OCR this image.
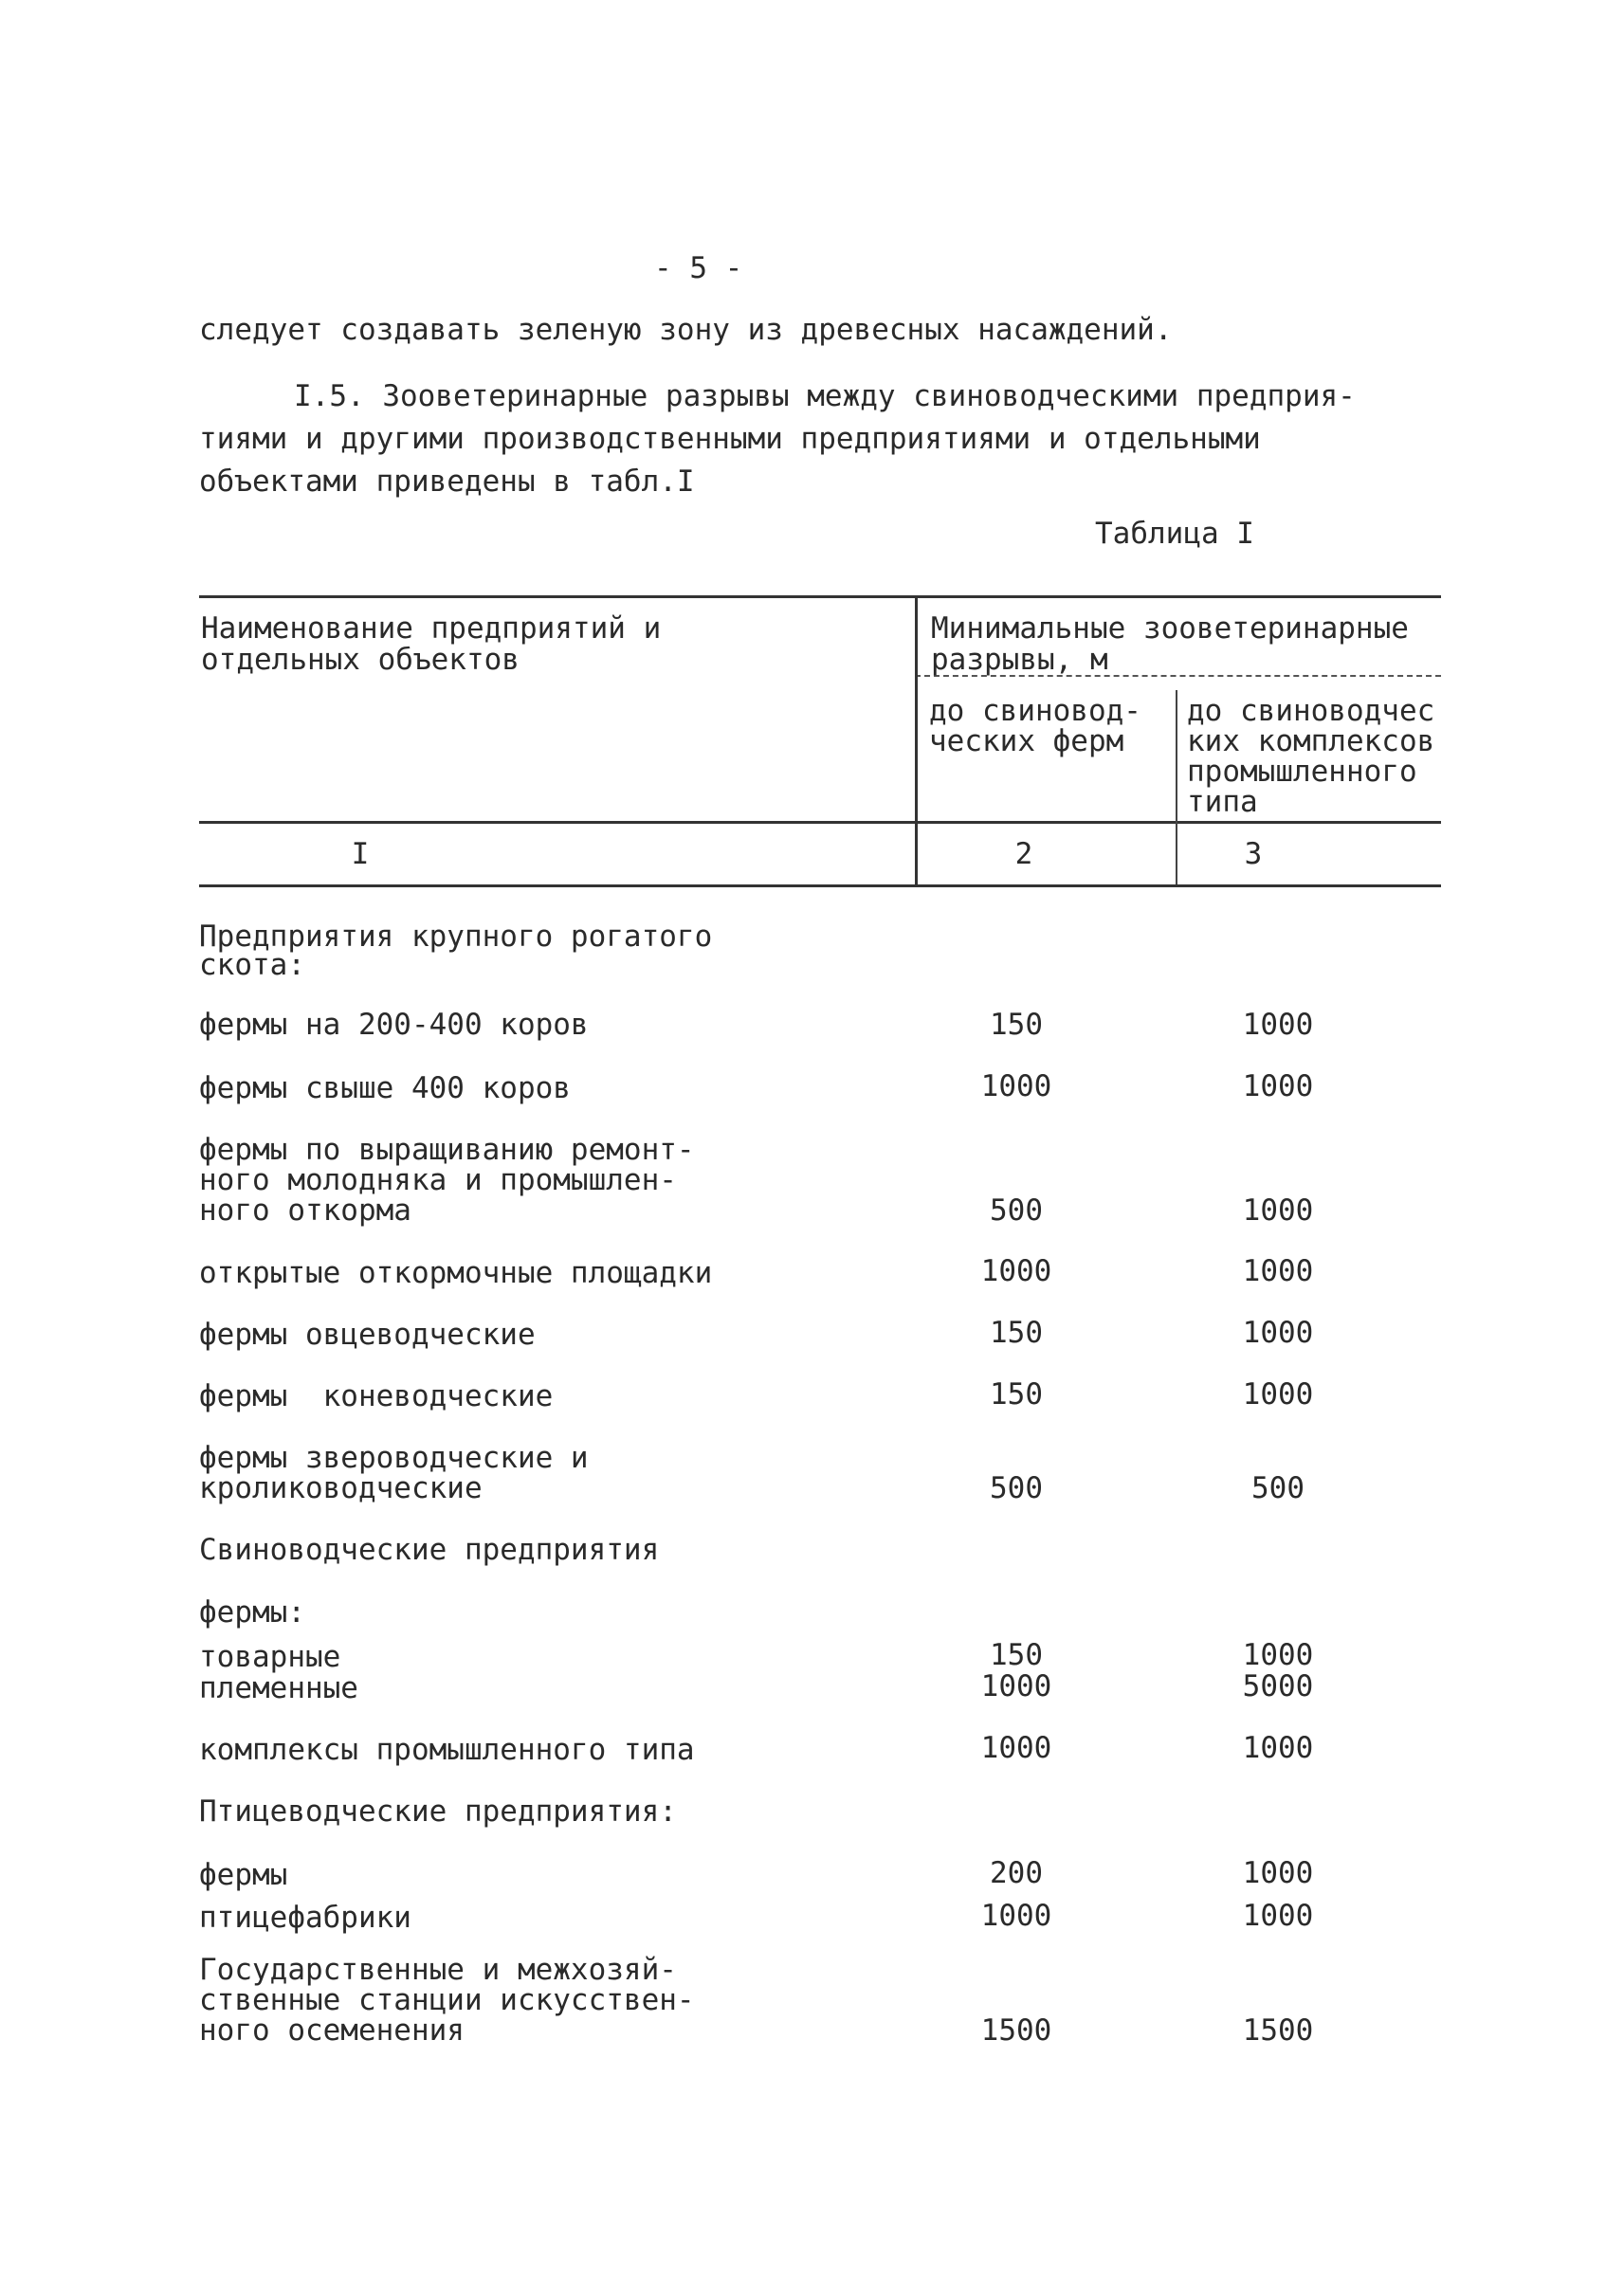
- 5 -
следует создавать зеленую зону из древесных насаждений.
I.5. Зооветеринарные разрывы между свиноводческими предприя-
тиями и другими производственными предприятиями и отдельными
объектами приведены в табл.I
Таблица I
Наименование предприятий и
отдельных объектов
Минимальные зооветеринарные
разрывы, м
до свиновод-
ческих ферм
до свиноводчес
ких комплексов
промышленного
типа
I	2	3
Предприятия крупного рогатого
скота:
фермы на 200-400 коров	150	1000
фермы свыше 400 коров	1000	1000
фермы по выращиванию ремонт-
ного молодняка и промышлен-
ного откорма	500	1000
открытые откормочные площадки	1000	1000
фермы овцеводческие	150	1000
фермы  коневодческие	150	1000
фермы звероводческие и
кролиководческие	500	500
Свиноводческие предприятия
фермы:
товарные	150	1000
племенные	1000	5000
комплексы промышленного типа	1000	1000
Птицеводческие предприятия:
фермы	200	1000
птицефабрики	1000	1000
Государственные и межхозяй-
ственные станции искусствен-
ного осеменения	1500	1500
